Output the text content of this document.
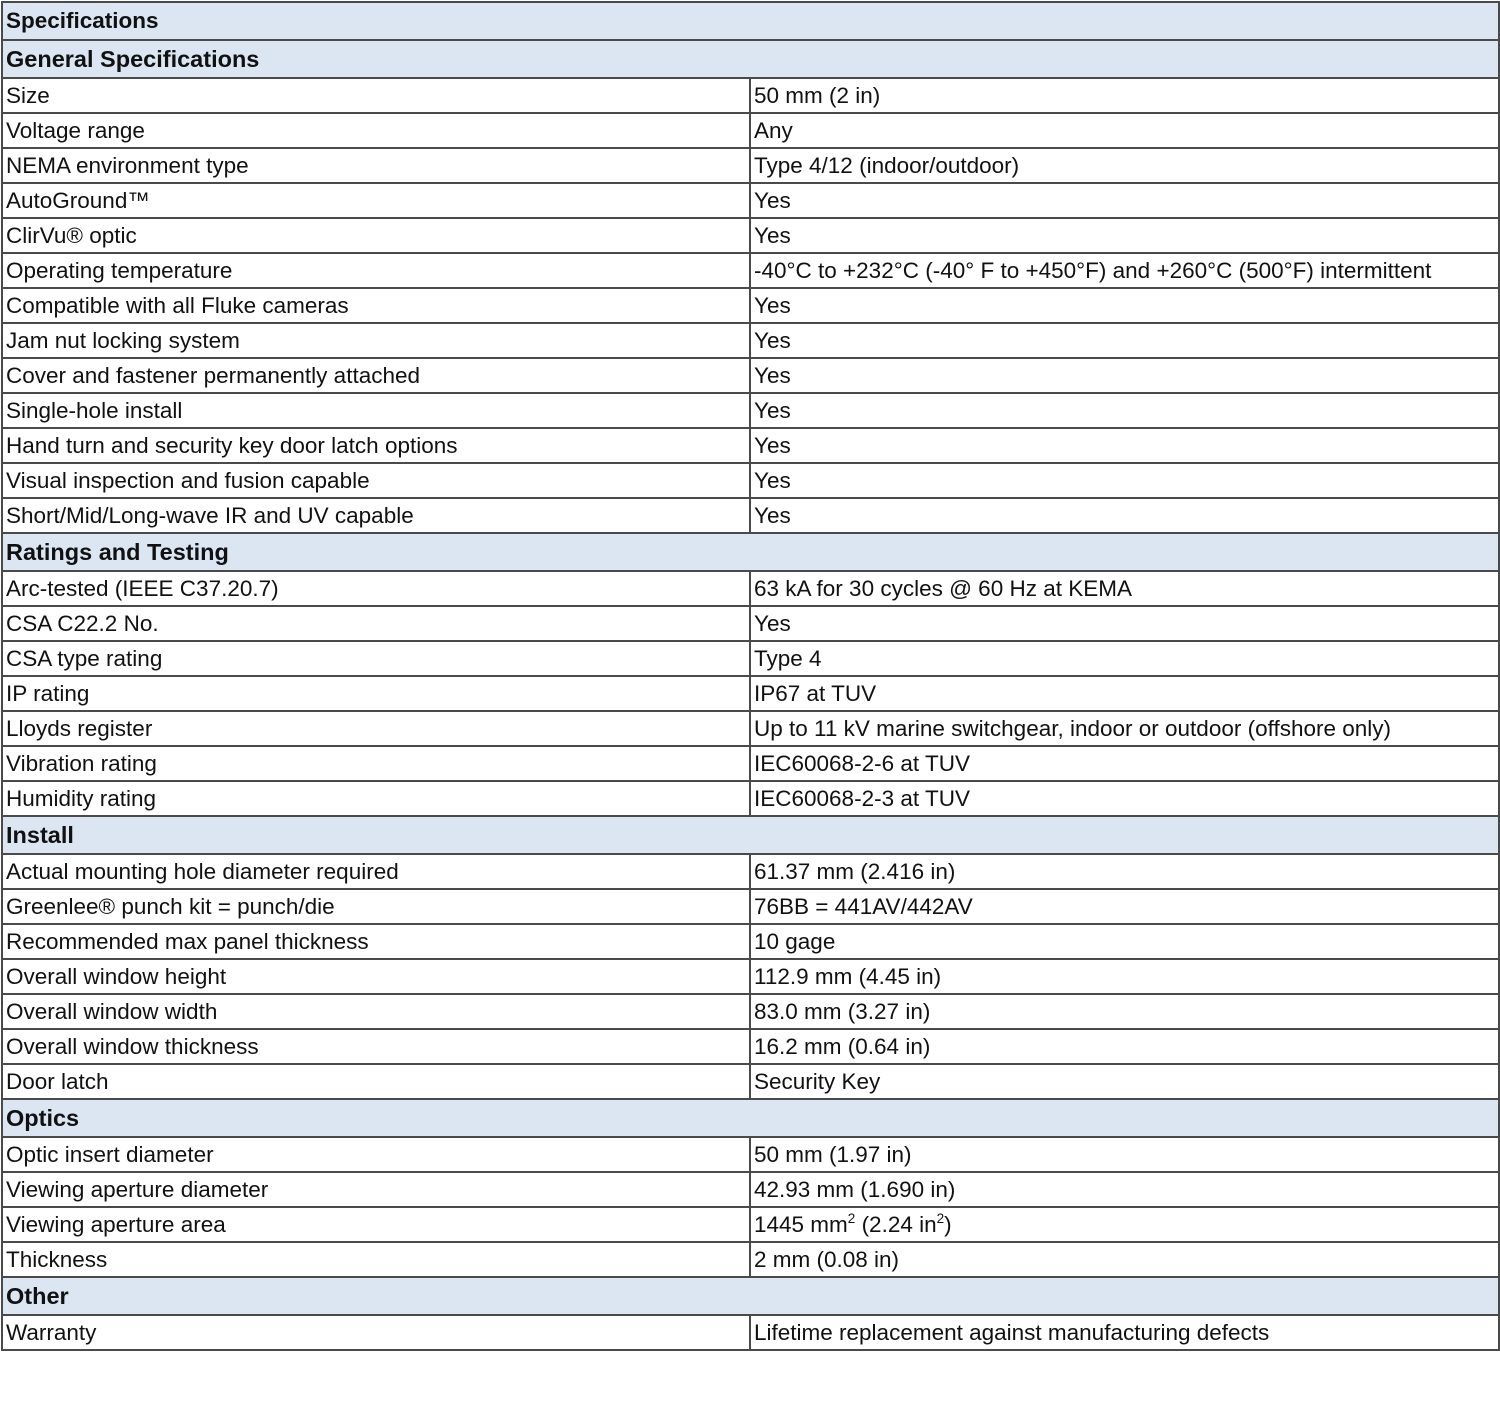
Specifications	
General Specifications	
Size	50 mm (2 in)
Voltage range	Any
NEMA environment type	Type 4/12 (indoor/outdoor)
AutoGround™	Yes
ClirVu® optic	Yes
Operating temperature	-40°C to +232°C (-40° F to +450°F) and +260°C (500°F) intermittent
Compatible with all Fluke cameras	Yes
Jam nut locking system	Yes
Cover and fastener permanently attached	Yes
Single-hole install	Yes
Hand turn and security key door latch options	Yes
Visual inspection and fusion capable	Yes
Short/Mid/Long-wave IR and UV capable	Yes
Ratings and Testing	
Arc-tested (IEEE C37.20.7)	63 kA for 30 cycles @ 60 Hz at KEMA
CSA C22.2 No.	Yes
CSA type rating	Type 4
IP rating	IP67 at TUV
Lloyds register	Up to 11 kV marine switchgear, indoor or outdoor (offshore only)
Vibration rating	IEC60068-2-6 at TUV
Humidity rating	IEC60068-2-3 at TUV
Install	
Actual mounting hole diameter required	61.37 mm (2.416 in)
Greenlee® punch kit = punch/die	76BB = 441AV/442AV
Recommended max panel thickness	10 gage
Overall window height	112.9 mm (4.45 in)
Overall window width	83.0 mm (3.27 in)
Overall window thickness	16.2 mm (0.64 in)
Door latch	Security Key
Optics	
Optic insert diameter	50 mm (1.97 in)
Viewing aperture diameter	42.93 mm (1.690 in)
Viewing aperture area	1445 $mm^2$ (2.24 $in^2$)
Thickness	2 mm (0.08 in)
Other	
Warranty	Lifetime replacement against manufacturing defects
